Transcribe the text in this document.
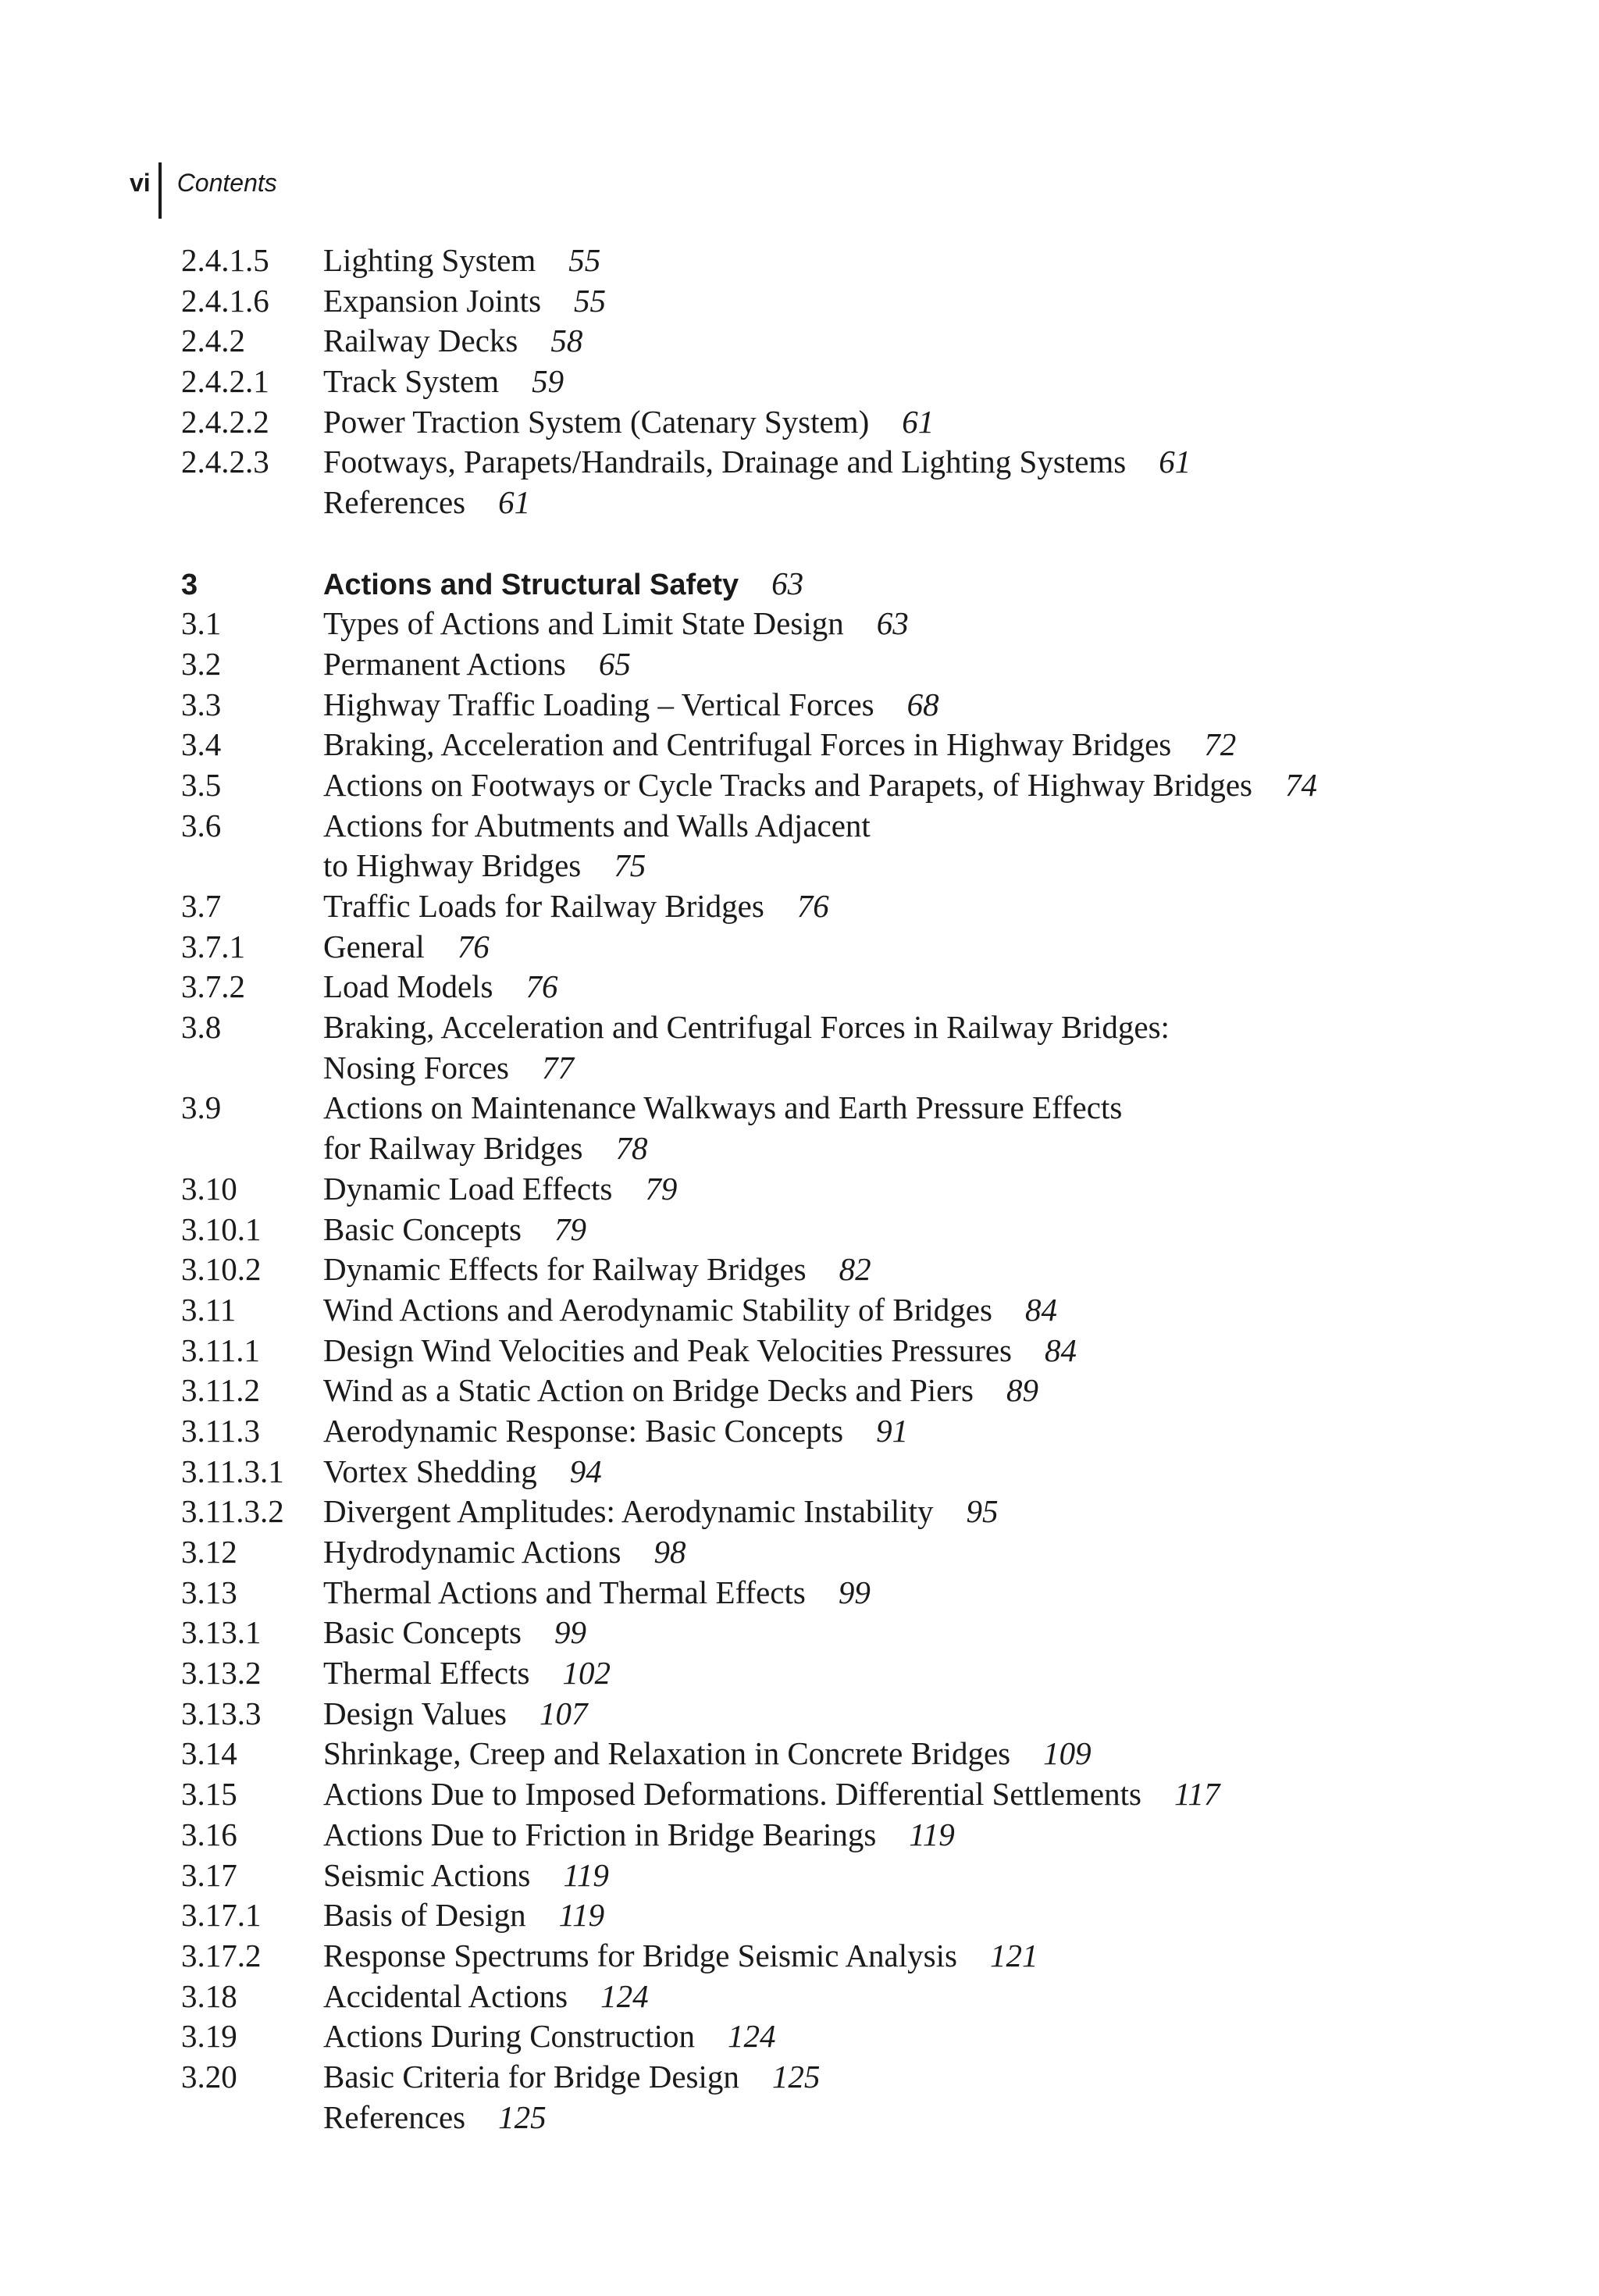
vi	Contents
2.4.1.5	Lighting System 55
2.4.1.6	Expansion Joints 55
2.4.2	Railway Decks 58
2.4.2.1	Track System 59
2.4.2.2	Power Traction System (Catenary System) 61
2.4.2.3	Footways, Parapets/Handrails, Drainage and Lighting Systems 61
References 61
3	Actions and Structural Safety 63
3.1	Types of Actions and Limit State Design 63
3.2	Permanent Actions 65
3.3	Highway Traffic Loading – Vertical Forces 68
3.4	Braking, Acceleration and Centrifugal Forces in Highway Bridges 72
3.5	Actions on Footways or Cycle Tracks and Parapets, of Highway Bridges 74
3.6	Actions for Abutments and Walls Adjacent
to Highway Bridges 75
3.7	Traffic Loads for Railway Bridges 76
3.7.1	General 76
3.7.2	Load Models 76
3.8	Braking, Acceleration and Centrifugal Forces in Railway Bridges:
Nosing Forces 77
3.9	Actions on Maintenance Walkways and Earth Pressure Effects
for Railway Bridges 78
3.10	Dynamic Load Effects 79
3.10.1	Basic Concepts 79
3.10.2	Dynamic Effects for Railway Bridges 82
3.11	Wind Actions and Aerodynamic Stability of Bridges 84
3.11.1	Design Wind Velocities and Peak Velocities Pressures 84
3.11.2	Wind as a Static Action on Bridge Decks and Piers 89
3.11.3	Aerodynamic Response: Basic Concepts 91
3.11.3.1	Vortex Shedding 94
3.11.3.2	Divergent Amplitudes: Aerodynamic Instability 95
3.12	Hydrodynamic Actions 98
3.13	Thermal Actions and Thermal Effects 99
3.13.1	Basic Concepts 99
3.13.2	Thermal Effects 102
3.13.3	Design Values 107
3.14	Shrinkage, Creep and Relaxation in Concrete Bridges 109
3.15	Actions Due to Imposed Deformations. Differential Settlements 117
3.16	Actions Due to Friction in Bridge Bearings 119
3.17	Seismic Actions 119
3.17.1	Basis of Design 119
3.17.2	Response Spectrums for Bridge Seismic Analysis 121
3.18	Accidental Actions 124
3.19	Actions During Construction 124
3.20	Basic Criteria for Bridge Design 125
References 125
